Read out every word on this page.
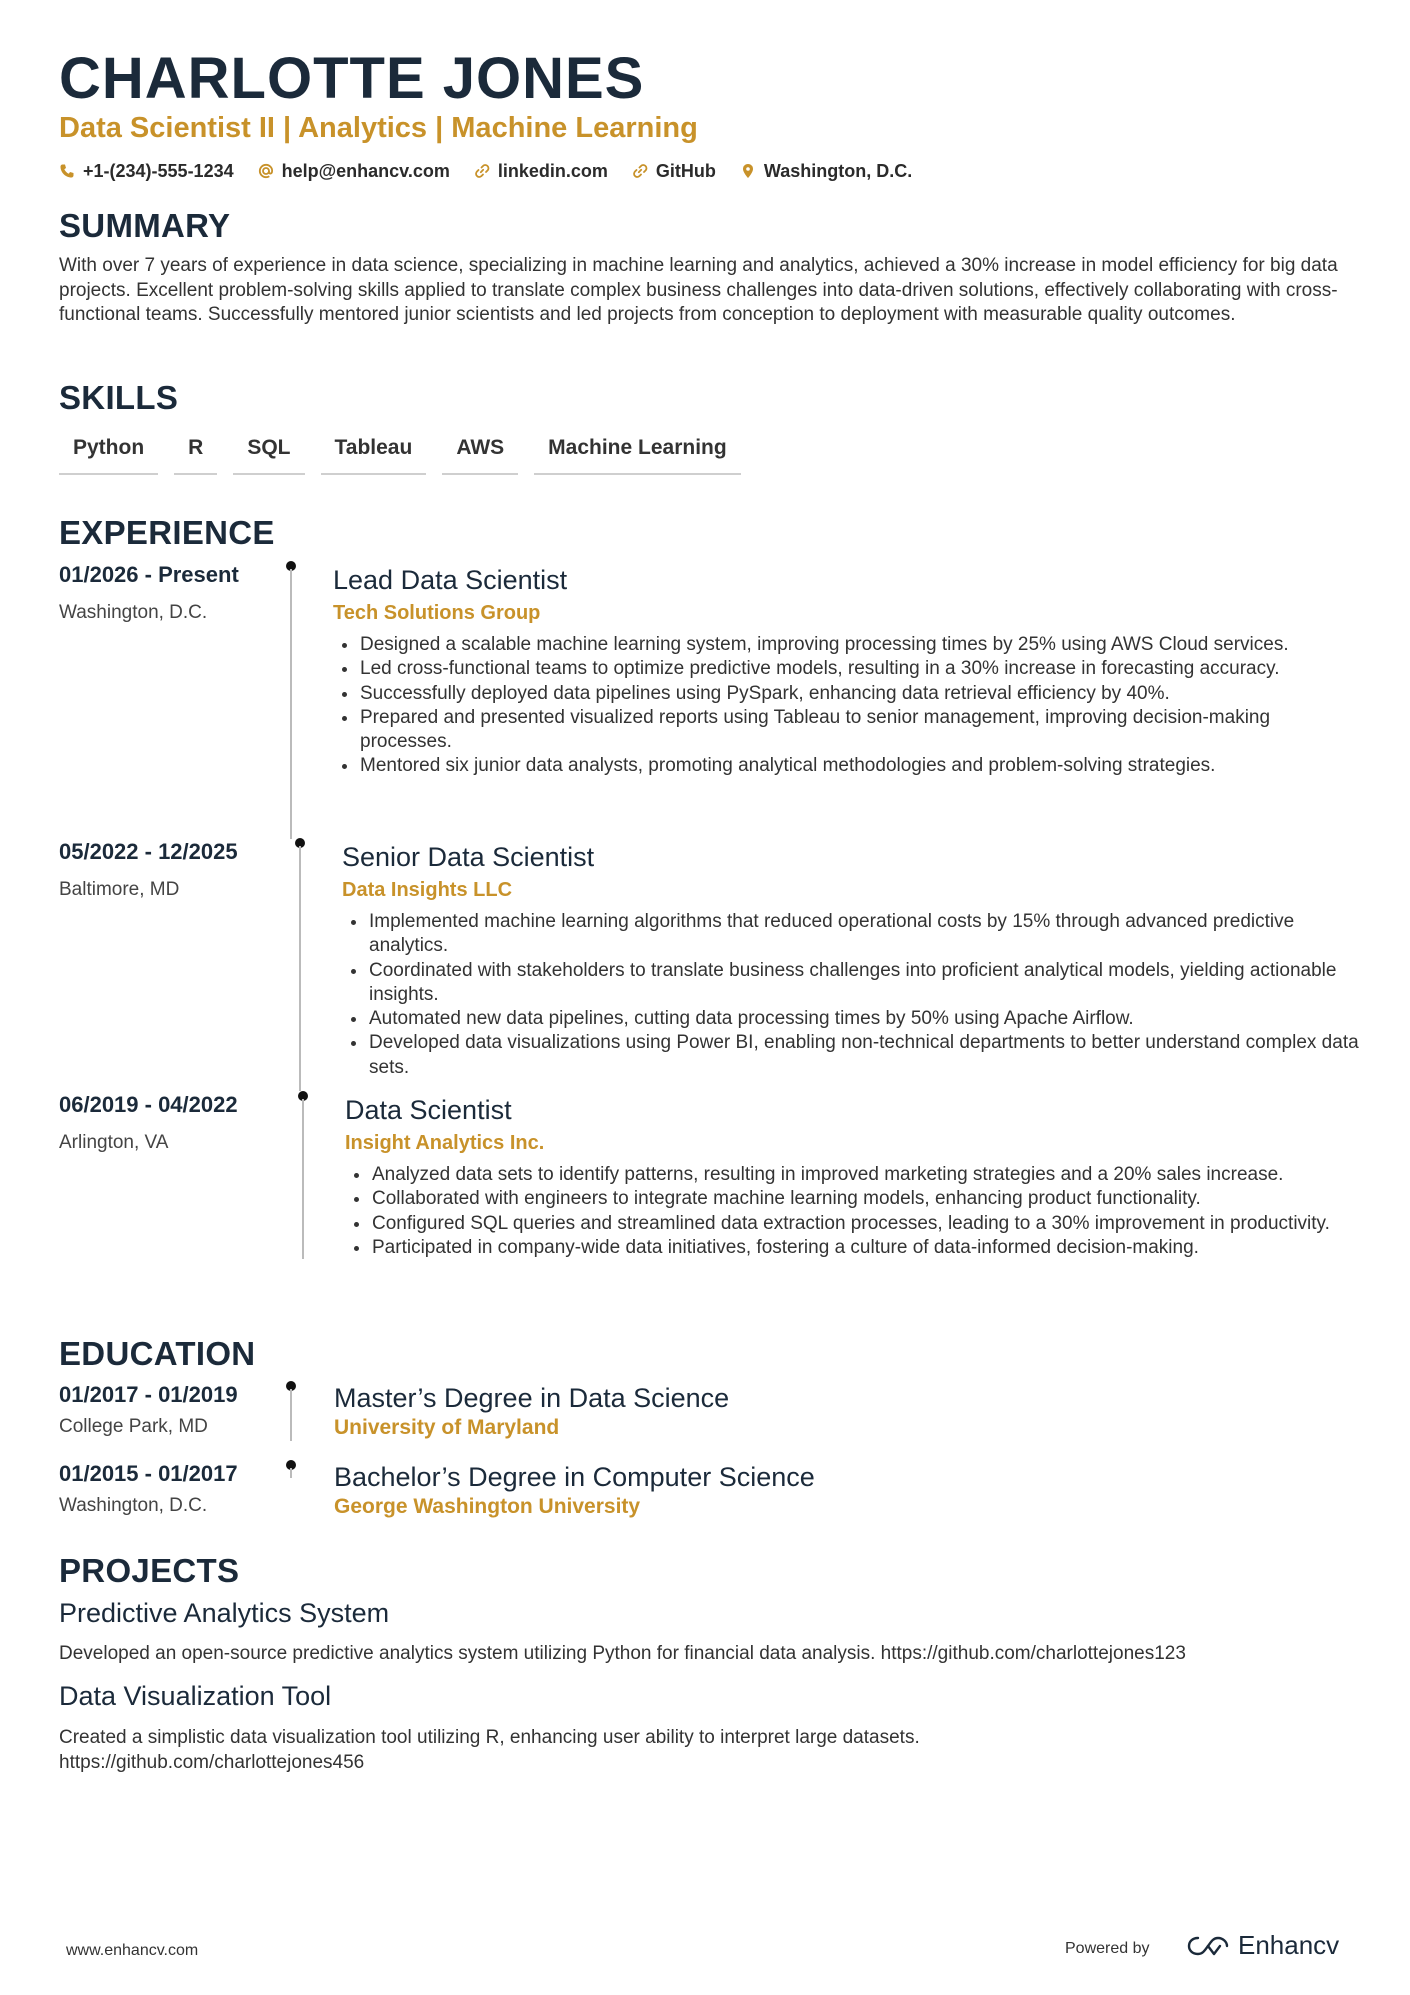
CHARLOTTE JONES
Data Scientist II | Analytics | Machine Learning
+1-(234)-555-1234	help@enhancv.com	linkedin.com	GitHub	Washington, D.C.
SUMMARY
With over 7 years of experience in data science, specializing in machine learning and analytics, achieved a 30% increase in model efficiency for big data projects. Excellent problem-solving skills applied to translate complex business challenges into data-driven solutions, effectively collaborating with cross-functional teams. Successfully mentored junior scientists and led projects from conception to deployment with measurable quality outcomes.
SKILLS
Python	R	SQL	Tableau	AWS	Machine Learning
EXPERIENCE
01/2026 - Present
Washington, D.C.
Lead Data Scientist
Tech Solutions Group
Designed a scalable machine learning system, improving processing times by 25% using AWS Cloud services.
Led cross-functional teams to optimize predictive models, resulting in a 30% increase in forecasting accuracy.
Successfully deployed data pipelines using PySpark, enhancing data retrieval efficiency by 40%.
Prepared and presented visualized reports using Tableau to senior management, improving decision-making processes.
Mentored six junior data analysts, promoting analytical methodologies and problem-solving strategies.
05/2022 - 12/2025
Baltimore, MD
Senior Data Scientist
Data Insights LLC
Implemented machine learning algorithms that reduced operational costs by 15% through advanced predictive analytics.
Coordinated with stakeholders to translate business challenges into proficient analytical models, yielding actionable insights.
Automated new data pipelines, cutting data processing times by 50% using Apache Airflow.
Developed data visualizations using Power BI, enabling non-technical departments to better understand complex data sets.
06/2019 - 04/2022
Arlington, VA
Data Scientist
Insight Analytics Inc.
Analyzed data sets to identify patterns, resulting in improved marketing strategies and a 20% sales increase.
Collaborated with engineers to integrate machine learning models, enhancing product functionality.
Configured SQL queries and streamlined data extraction processes, leading to a 30% improvement in productivity.
Participated in company-wide data initiatives, fostering a culture of data-informed decision-making.
EDUCATION
01/2017 - 01/2019
College Park, MD
Master’s Degree in Data Science
University of Maryland
01/2015 - 01/2017
Washington, D.C.
Bachelor’s Degree in Computer Science
George Washington University
PROJECTS
Predictive Analytics System
Developed an open-source predictive analytics system utilizing Python for financial data analysis. https://github.com/charlottejones123
Data Visualization Tool
Created a simplistic data visualization tool utilizing R, enhancing user ability to interpret large datasets. https://github.com/charlottejones456
www.enhancv.com	Powered by	Enhancv
